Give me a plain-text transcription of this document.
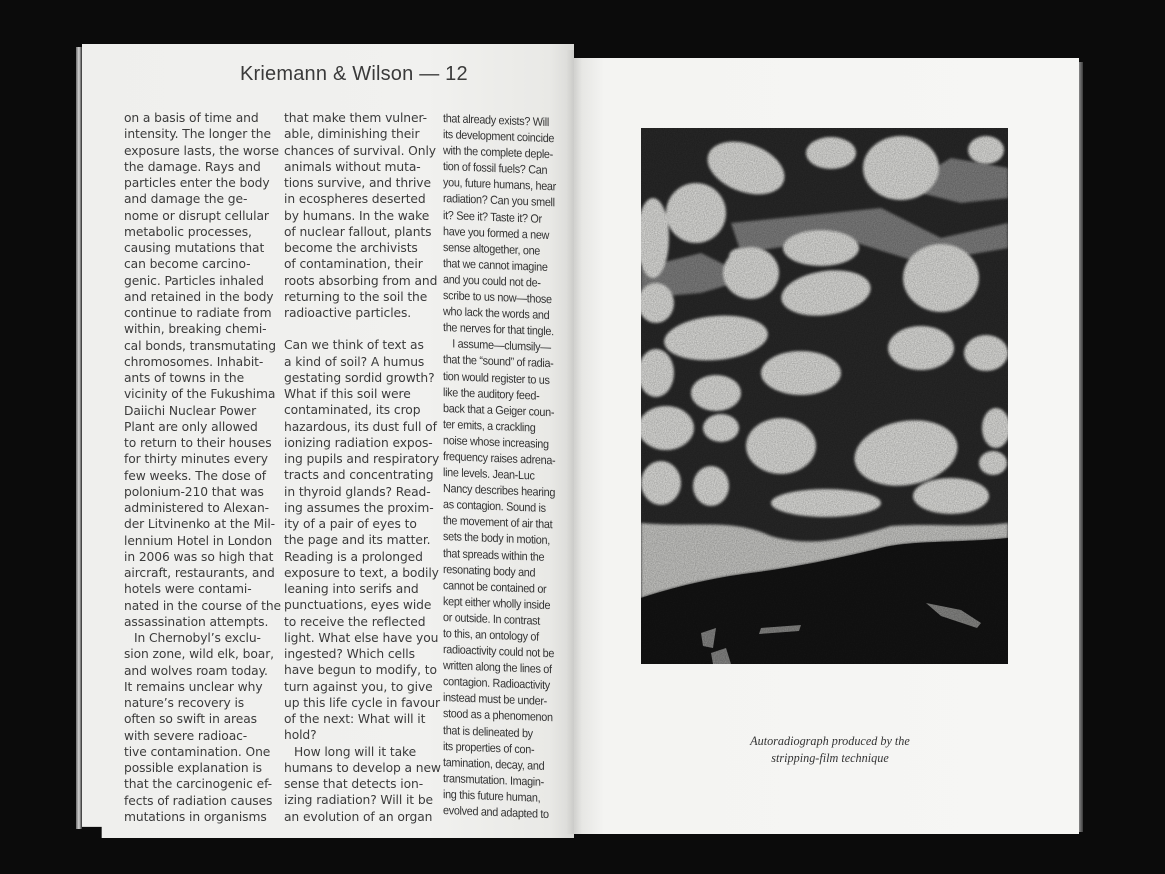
Kriemann & Wilson — 12
on a basis of time and
intensity. The longer the
exposure lasts, the worse
the damage. Rays and
particles enter the body
and damage the ge-
nome or disrupt cellular
metabolic processes,
causing mutations that
can become carcino-
genic. Particles inhaled
and retained in the body
continue to radiate from
within, breaking chemi-
cal bonds, transmutating
chromosomes. Inhabit-
ants of towns in the
vicinity of the Fukushima
Daiichi Nuclear Power
Plant are only allowed
to return to their houses
for thirty minutes every
few weeks. The dose of
polonium-210 that was
administered to Alexan-
der Litvinenko at the Mil-
lennium Hotel in London
in 2006 was so high that
aircraft, restaurants, and
hotels were contami-
nated in the course of the
assassination attempts.
In Chernobyl’s exclu-
sion zone, wild elk, boar,
and wolves roam today.
It remains unclear why
nature’s recovery is
often so swift in areas
with severe radioac-
tive contamination. One
possible explanation is
that the carcinogenic ef-
fects of radiation causes
mutations in organisms
that make them vulner-
able, diminishing their
chances of survival. Only
animals without muta-
tions survive, and thrive
in ecospheres deserted
by humans. In the wake
of nuclear fallout, plants
become the archivists
of contamination, their
roots absorbing from and
returning to the soil the
radioactive particles.
Can we think of text as
a kind of soil? A humus
gestating sordid growth?
What if this soil were
contaminated, its crop
hazardous, its dust full of
ionizing radiation expos-
ing pupils and respiratory
tracts and concentrating
in thyroid glands? Read-
ing assumes the proxim-
ity of a pair of eyes to
the page and its matter.
Reading is a prolonged
exposure to text, a bodily
leaning into serifs and
punctuations, eyes wide
to receive the reflected
light. What else have you
ingested? Which cells
have begun to modify, to
turn against you, to give
up this life cycle in favour
of the next: What will it
hold?
How long will it take
humans to develop a new
sense that detects ion-
izing radiation? Will it be
an evolution of an organ
that already exists? Will
its development coincide
with the complete deple-
tion of fossil fuels? Can
you, future humans, hear
radiation? Can you smell
it? See it? Taste it? Or
have you formed a new
sense altogether, one
that we cannot imagine
and you could not de-
scribe to us now—those
who lack the words and
the nerves for that tingle.
I assume—clumsily—
that the “sound” of radia-
tion would register to us
like the auditory feed-
back that a Geiger coun-
ter emits, a crackling
noise whose increasing
frequency raises adrena-
line levels. Jean-Luc
Nancy describes hearing
as contagion. Sound is
the movement of air that
sets the body in motion,
that spreads within the
resonating body and
cannot be contained or
kept either wholly inside
or outside. In contrast
to this, an ontology of
radioactivity could not be
written along the lines of
contagion. Radioactivity
instead must be under-
stood as a phenomenon
that is delineated by
its properties of con-
tamination, decay, and
transmutation. Imagin-
ing this future human,
evolved and adapted to
Autoradiograph produced by the
stripping-film technique
